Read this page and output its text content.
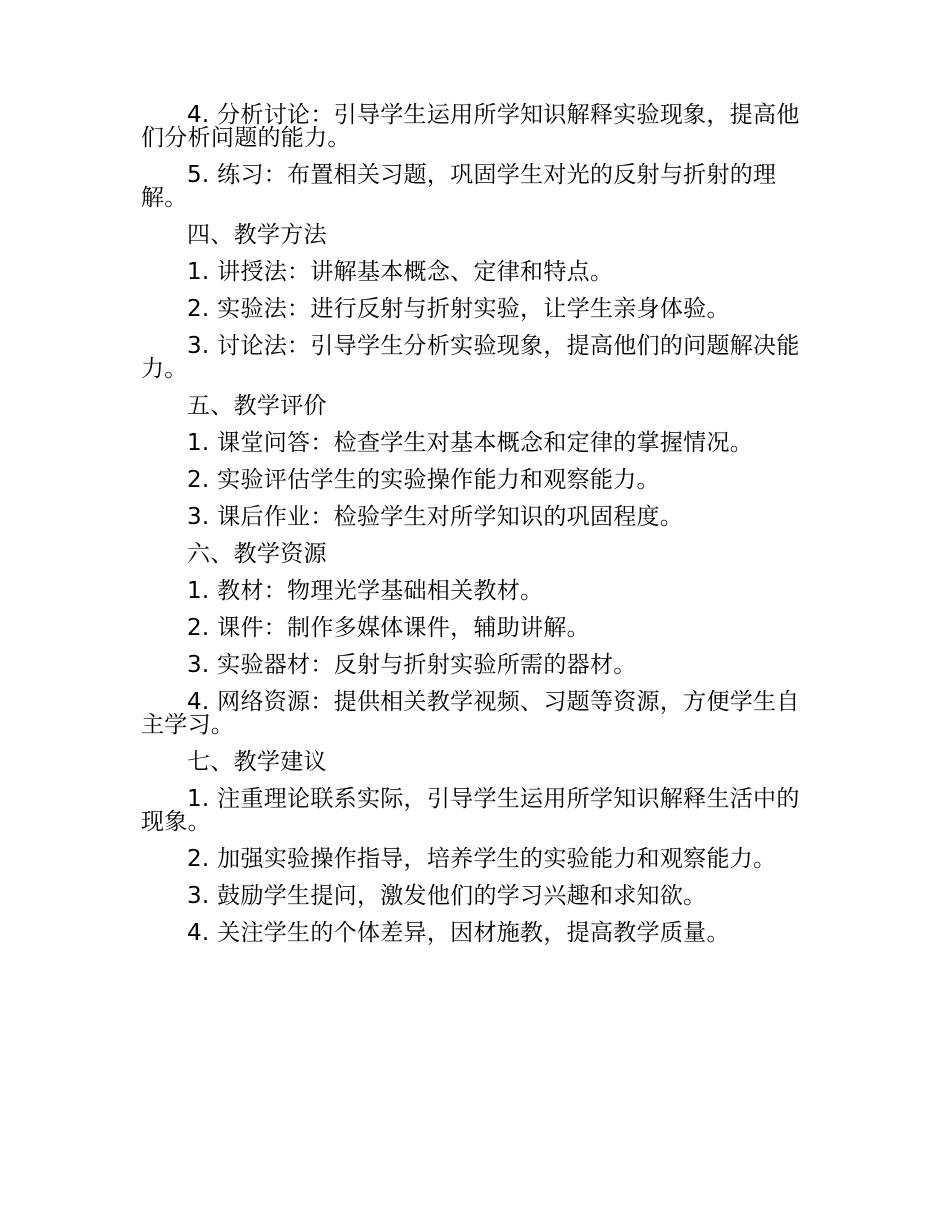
4. 分析讨论：引导学生运用所学知识解释实验现象，提高他们分析问题的能力。

5. 练习：布置相关习题，巩固学生对光的反射与折射的理解。

四、教学方法

1. 讲授法：讲解基本概念、定律和特点。

2. 实验法：进行反射与折射实验，让学生亲身体验。

3. 讨论法：引导学生分析实验现象，提高他们的问题解决能力。

五、教学评价

1. 课堂问答：检查学生对基本概念和定律的掌握情况。

2. 实验评估学生的实验操作能力和观察能力。

3. 课后作业：检验学生对所学知识的巩固程度。

六、教学资源

1. 教材：物理光学基础相关教材。

2. 课件：制作多媒体课件，辅助讲解。

3. 实验器材：反射与折射实验所需的器材。

4. 网络资源：提供相关教学视频、习题等资源，方便学生自主学习。

七、教学建议

1. 注重理论联系实际，引导学生运用所学知识解释生活中的现象。

2. 加强实验操作指导，培养学生的实验能力和观察能力。

3. 鼓励学生提问，激发他们的学习兴趣和求知欲。

4. 关注学生的个体差异，因材施教，提高教学质量。
